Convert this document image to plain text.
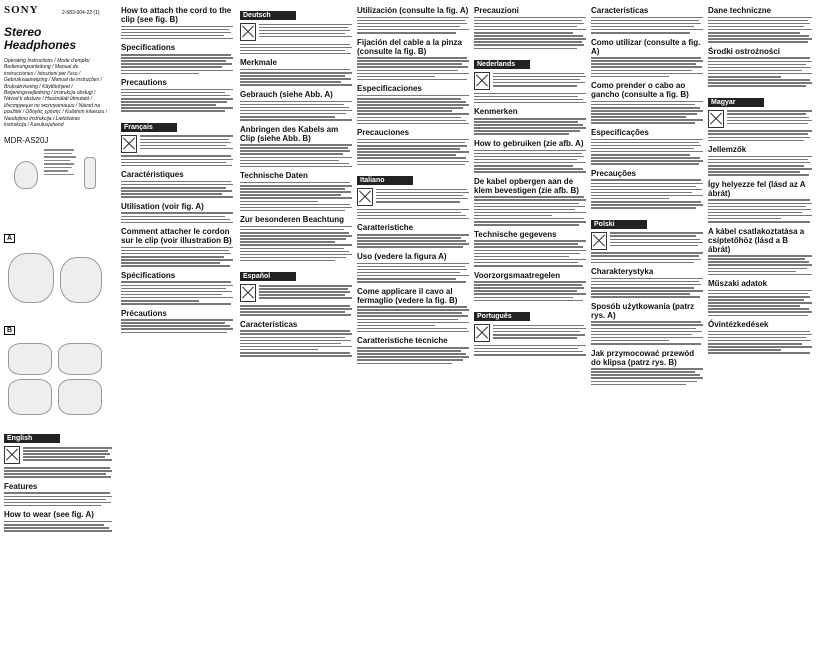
SONY	2-583-004-22 (1)
Stereo
Headphones
Operating Instructions / Mode d'emploi
Bedienungsanleitung / Manual de
instrucciones / Istruzioni per l'uso /
Gebruiksaanwijzing / Manual de instruções /
Bruksanvisning / Käyttöohjeet /
Betjeningsvejledning / Instrukcja obsługi /
Návod k obsluze / Használati útmutató /
Инструкция по эксплуатации / Návod na
použitie / Οδηγίες χρήσης / Kullanım kılavuzu /
Naudojimo instrukcija / Lietošanas
instrukcija / Kasutusjuhend
MDR-AS20J
A
B
English
Features
How to wear (see fig. A)
How to attach the cord to the clip (see fig. B)
Specifications
Precautions
Français
Caractéristiques
Utilisation (voir fig. A)
Comment attacher le cordon sur le clip (voir illustration B)
Spécifications
Précautions
Deutsch
Merkmale
Gebrauch (siehe Abb. A)
Anbringen des Kabels am Clip (siehe Abb. B)
Technische Daten
Zur besonderen Beachtung
Español
Características
Utilización (consulte la fig. A)
Fijación del cable a la pinza (consulte la fig. B)
Especificaciones
Precauciones
Italiano
Caratteristiche
Uso (vedere la figura A)
Come applicare il cavo al fermaglio (vedere la fig. B)
Caratteristiche tecniche
Precauzioni
Nederlands
Kenmerken
How to gebruiken (zie afb. A)
De kabel opbergen aan de klem bevestigen (zie afb. B)
Technische gegevens
Voorzorgsmaatregelen
Português
Características
Como utilizar (consulte a fig. A)
Como prender o cabo ao gancho (consulte a fig. B)
Especificações
Precauções
Polski
Charakterystyka
Sposób użytkowania (patrz rys. A)
Jak przymocować przewód do klipsa (patrz rys. B)
Dane techniczne
Środki ostrożności
Magyar
Jellemzők
Így helyezze fel (lásd az A ábrát)
A kábel csatlakoztatása a csíptetőhöz (lásd a B ábrát)
Műszaki adatok
Óvintézkedések
